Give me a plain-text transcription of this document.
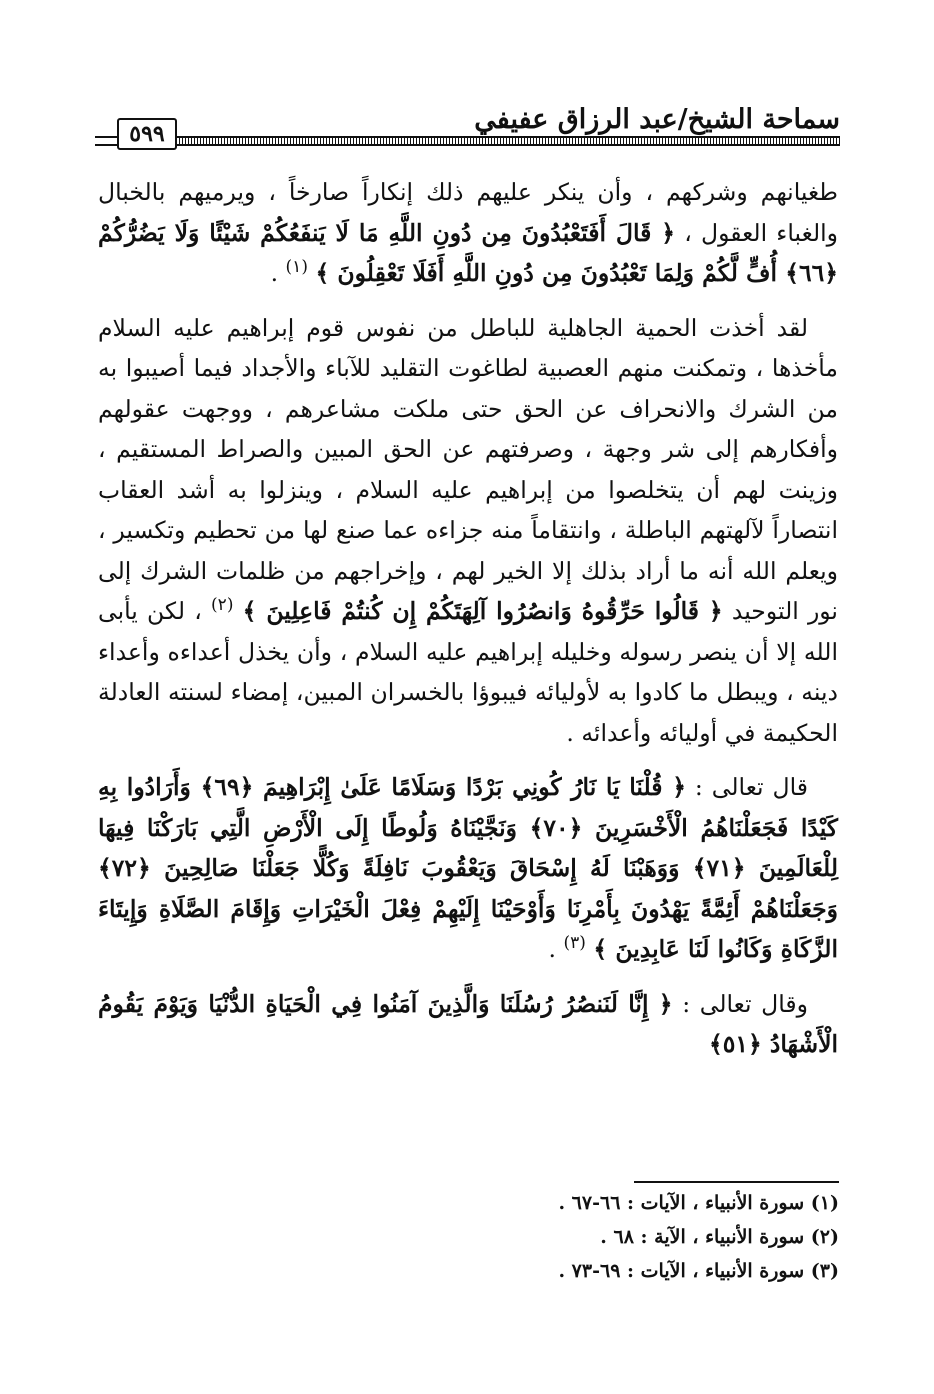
سماحة الشيخ/عبد الرزاق عفيفي
٥٩٩

طغيانهم وشركهم ، وأن ينكر عليهم ذلك إنكاراً صارخاً ، ويرميهم بالخبال والغباء العقول ، ﴿ قَالَ أَفَتَعْبُدُونَ مِن دُونِ اللَّهِ مَا لَا يَنفَعُكُمْ شَيْئًا وَلَا يَضُرُّكُمْ ﴿٦٦﴾ أُفٍّ لَّكُمْ وَلِمَا تَعْبُدُونَ مِن دُونِ اللَّهِ أَفَلَا تَعْقِلُونَ ﴾ $^{(١)}$ .

لقد أخذت الحمية الجاهلية للباطل من نفوس قوم إبراهيم عليه السلام مأخذها ، وتمكنت منهم العصبية لطاغوت التقليد للآباء والأجداد فيما أصيبوا به من الشرك والانحراف عن الحق حتى ملكت مشاعرهم ، ووجهت عقولهم وأفكارهم إلى شر وجهة ، وصرفتهم عن الحق المبين والصراط المستقيم ، وزينت لهم أن يتخلصوا من إبراهيم عليه السلام ، وينزلوا به أشد العقاب انتصاراً لآلهتهم الباطلة ، وانتقاماً منه جزاءه عما صنع لها من تحطيم وتكسير ، ويعلم الله أنه ما أراد بذلك إلا الخير لهم ، وإخراجهم من ظلمات الشرك إلى نور التوحيد ﴿ قَالُوا حَرِّقُوهُ وَانصُرُوا آلِهَتَكُمْ إِن كُنتُمْ فَاعِلِينَ ﴾ $^{(٢)}$ ، لكن يأبى الله إلا أن ينصر رسوله وخليله إبراهيم عليه السلام ، وأن يخذل أعداءه وأعداء دينه ، ويبطل ما كادوا به لأوليائه فيبوؤا بالخسران المبين، إمضاء لسنته العادلة الحكيمة في أوليائه وأعدائه .

قال تعالى : ﴿ قُلْنَا يَا نَارُ كُونِي بَرْدًا وَسَلَامًا عَلَىٰ إِبْرَاهِيمَ ﴿٦٩﴾ وَأَرَادُوا بِهِ كَيْدًا فَجَعَلْنَاهُمُ الْأَخْسَرِينَ ﴿٧٠﴾ وَنَجَّيْنَاهُ وَلُوطًا إِلَى الْأَرْضِ الَّتِي بَارَكْنَا فِيهَا لِلْعَالَمِينَ ﴿٧١﴾ وَوَهَبْنَا لَهُ إِسْحَاقَ وَيَعْقُوبَ نَافِلَةً وَكُلًّا جَعَلْنَا صَالِحِينَ ﴿٧٢﴾ وَجَعَلْنَاهُمْ أَئِمَّةً يَهْدُونَ بِأَمْرِنَا وَأَوْحَيْنَا إِلَيْهِمْ فِعْلَ الْخَيْرَاتِ وَإِقَامَ الصَّلَاةِ وَإِيتَاءَ الزَّكَاةِ وَكَانُوا لَنَا عَابِدِينَ ﴾ $^{(٣)}$ .

وقال تعالى : ﴿ إِنَّا لَنَنصُرُ رُسُلَنَا وَالَّذِينَ آمَنُوا فِي الْحَيَاةِ الدُّنْيَا وَيَوْمَ يَقُومُ الْأَشْهَادُ ﴿٥١﴾

(١) سورة الأنبياء ، الآيات : ٦٦-٦٧ .

(٢) سورة الأنبياء ، الآية : ٦٨ .

(٣) سورة الأنبياء ، الآيات : ٦٩-٧٣ .
